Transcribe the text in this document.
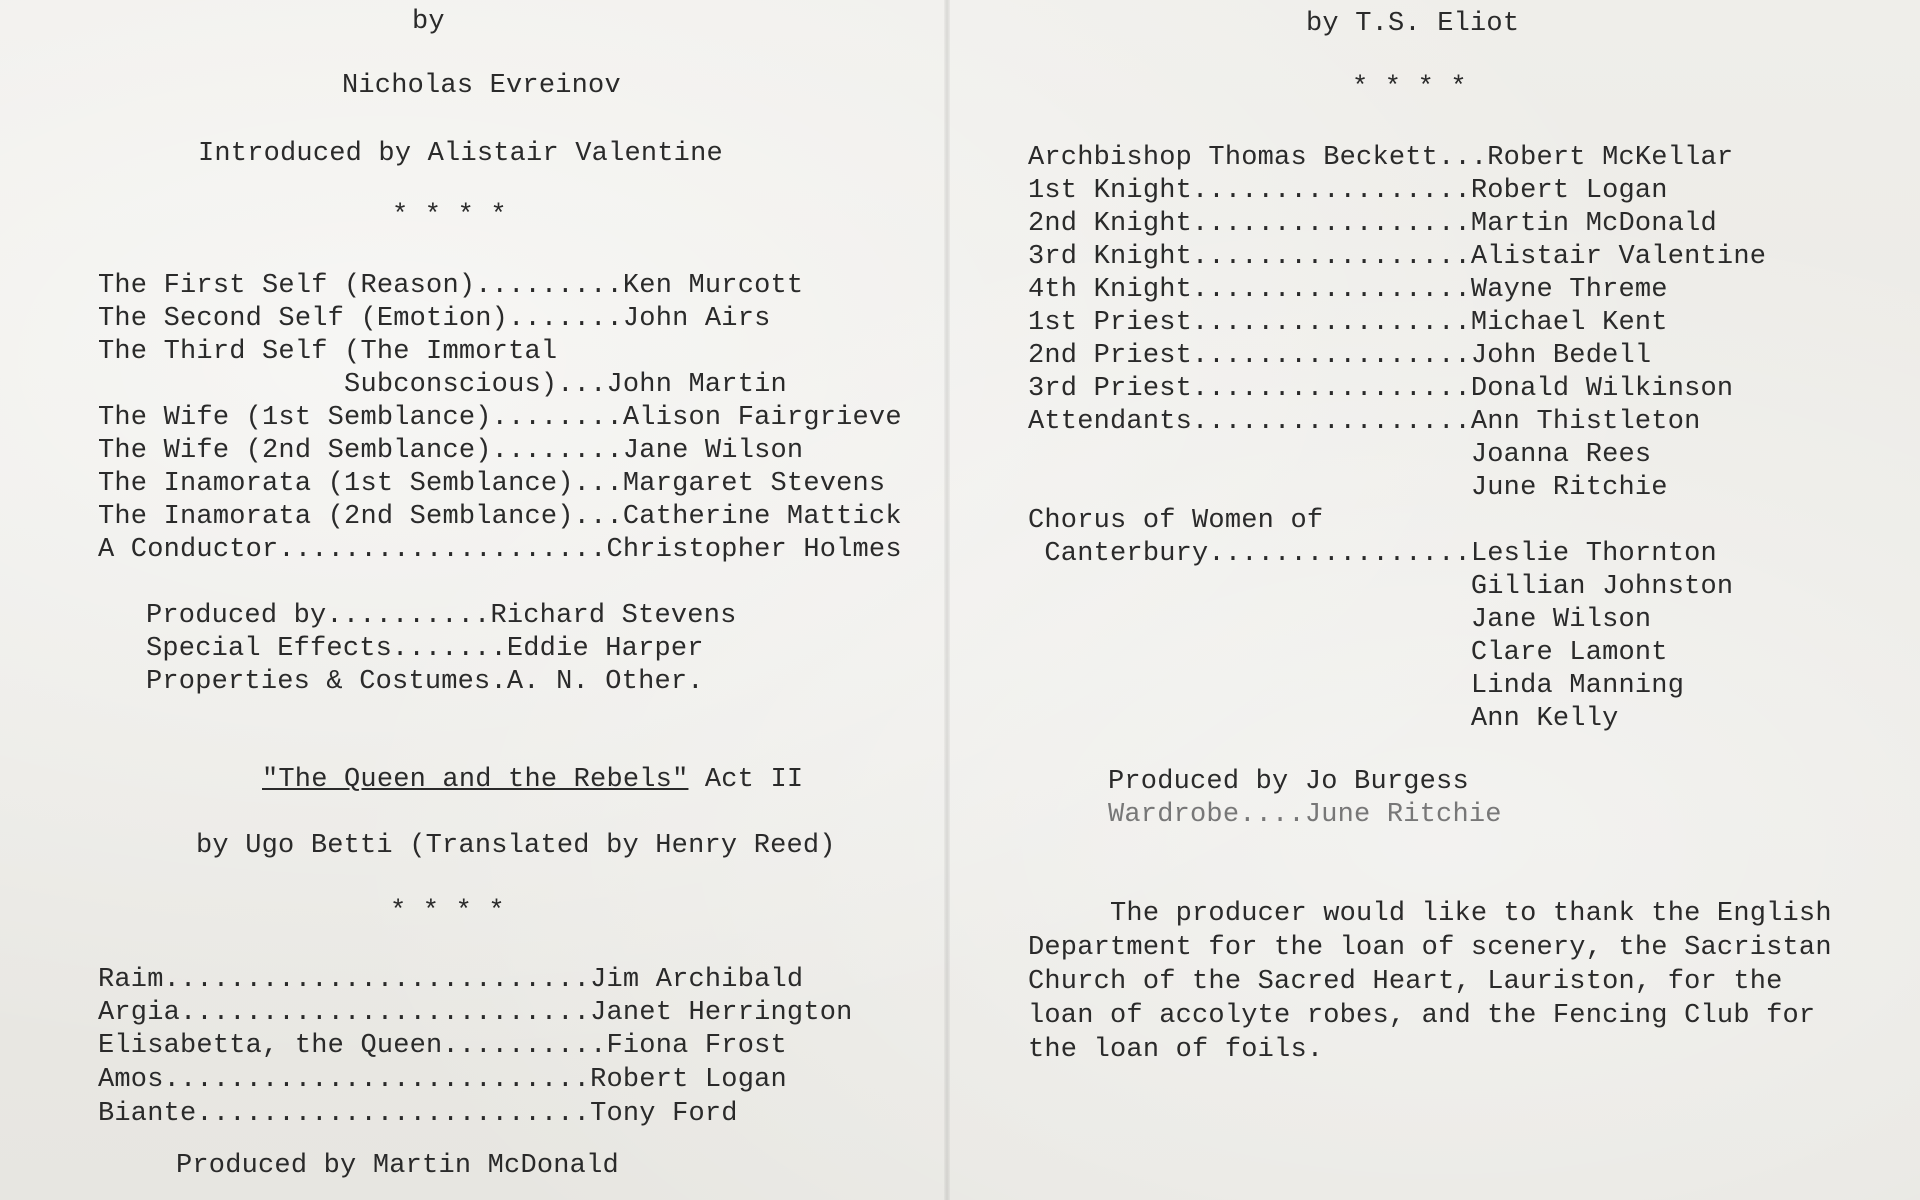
by

Nicholas Evreinov

Introduced by Alistair Valentine

* * * *

The First Self (Reason).........Ken Murcott

The Second Self (Emotion).......John Airs

The Third Self (The Immortal

Subconscious)...John Martin

The Wife (1st Semblance)........Alison Fairgrieve

The Wife (2nd Semblance)........Jane Wilson

The Inamorata (1st Semblance)...Margaret Stevens

The Inamorata (2nd Semblance)...Catherine Mattick

A Conductor....................Christopher Holmes

Produced by..........Richard Stevens

Special Effects.......Eddie Harper

Properties & Costumes.A. N. Other.

"The Queen and the Rebels" Act II

by Ugo Betti (Translated by Henry Reed)

* * * *

Raim..........................Jim Archibald

Argia.........................Janet Herrington

Elisabetta, the Queen..........Fiona Frost

Amos..........................Robert Logan

Biante........................Tony Ford

Produced by Martin McDonald

by T.S. Eliot

* * * *

Archbishop Thomas Beckett...Robert McKellar

1st Knight.................Robert Logan

2nd Knight.................Martin McDonald

3rd Knight.................Alistair Valentine

4th Knight.................Wayne Threme

1st Priest.................Michael Kent

2nd Priest.................John Bedell

3rd Priest.................Donald Wilkinson

Attendants.................Ann Thistleton

Joanna Rees

June Ritchie

Chorus of Women of

Canterbury................Leslie Thornton

Gillian Johnston

Jane Wilson

Clare Lamont

Linda Manning

Ann Kelly

Produced by Jo Burgess

Wardrobe....June Ritchie

The producer would like to thank the English

Department for the loan of scenery, the Sacristan

Church of the Sacred Heart, Lauriston, for the

loan of accolyte robes, and the Fencing Club for

the loan of foils.
